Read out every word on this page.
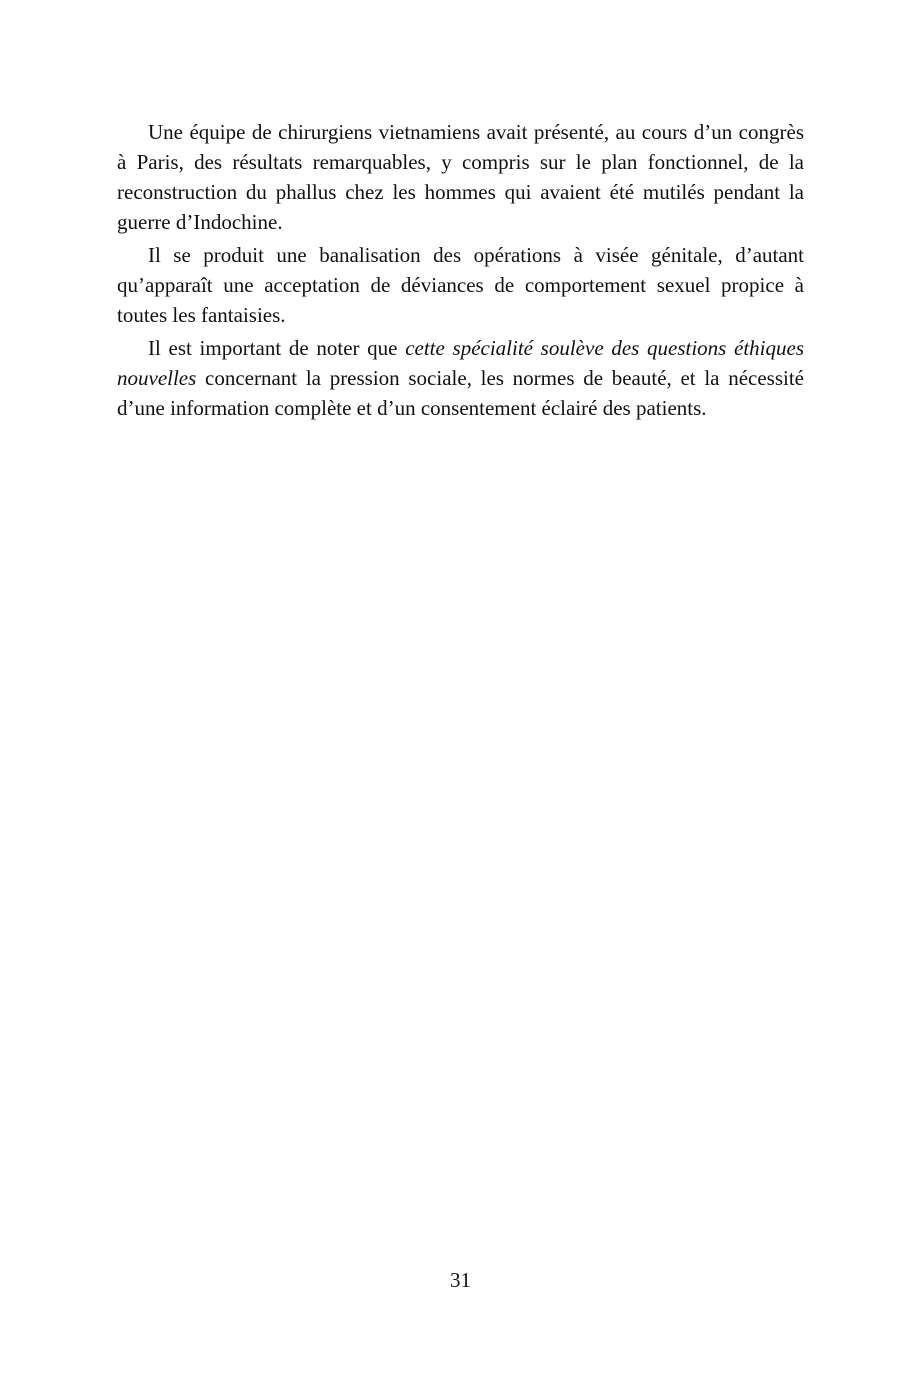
Une équipe de chirurgiens vietnamiens avait présenté, au cours d’un congrès à Paris, des résultats remarquables, y compris sur le plan fonctionnel, de la reconstruction du phallus chez les hommes qui avaient été mutilés pendant la guerre d’Indochine.

Il se produit une banalisation des opérations à visée génitale, d’autant qu’apparaît une acceptation de déviances de comportement sexuel propice à toutes les fantaisies.

Il est important de noter que cette spécialité soulève des questions éthiques nouvelles concernant la pression sociale, les normes de beauté, et la nécessité d’une information complète et d’un consentement éclairé des patients.

31
